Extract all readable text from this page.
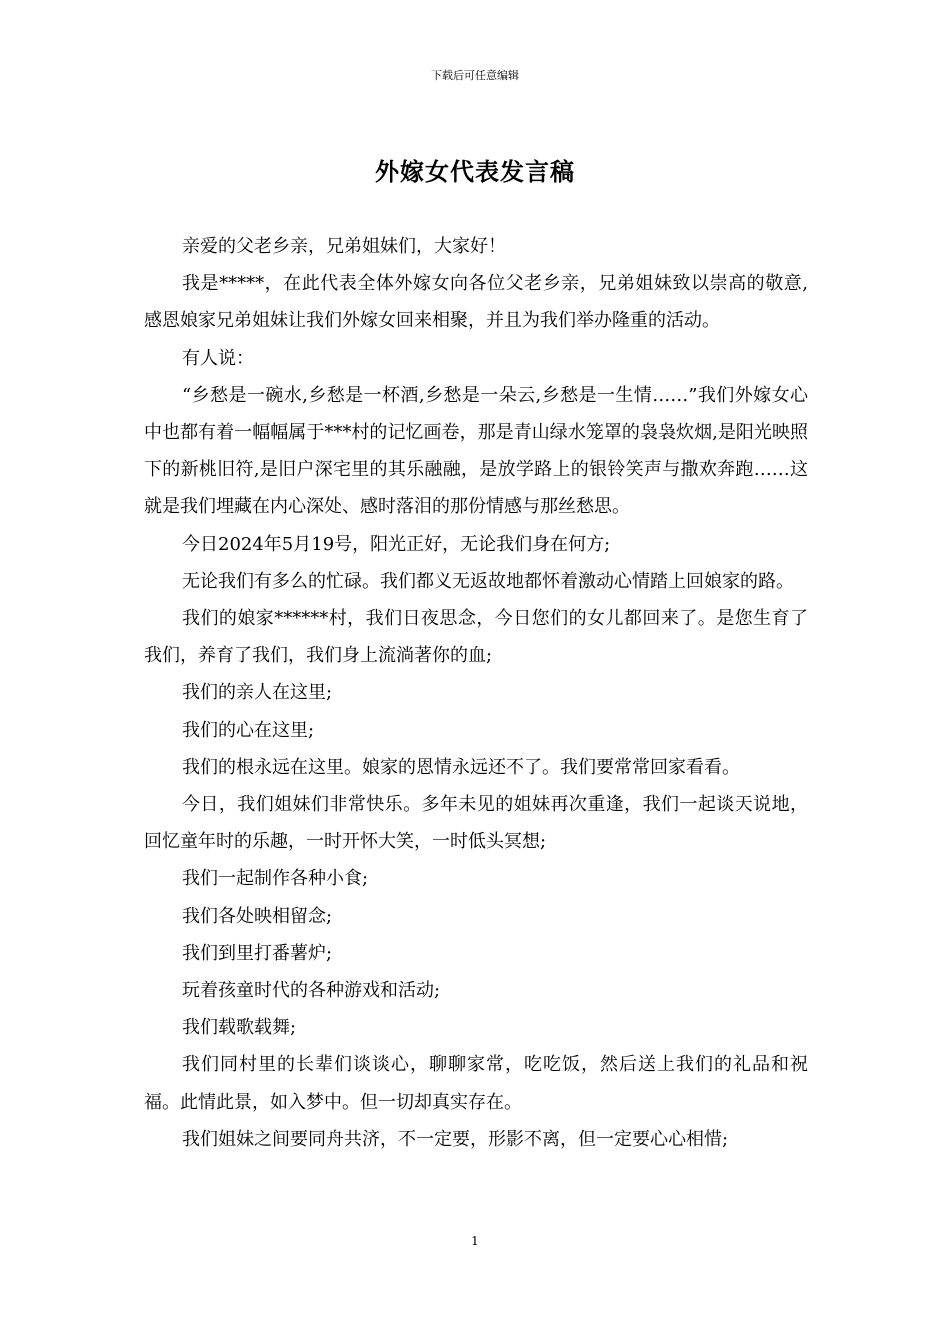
下载后可任意编辑
外嫁女代表发言稿

亲爱的父老乡亲，兄弟姐妹们，大家好！

我是*****，在此代表全体外嫁女向各位父老乡亲，兄弟姐妹致以崇高的敬意,感恩娘家兄弟姐妹让我们外嫁女回来相聚，并且为我们举办隆重的活动。

有人说：

“乡愁是一碗水,乡愁是一杯酒,乡愁是一朵云,乡愁是一生情……”我们外嫁女心中也都有着一幅幅属于***村的记忆画卷，那是青山绿水笼罩的袅袅炊烟,是阳光映照下的新桃旧符,是旧户深宅里的其乐融融，是放学路上的银铃笑声与撒欢奔跑……这就是我们埋藏在内心深处、感时落泪的那份情感与那丝愁思。

今日2024年5月19号，阳光正好，无论我们身在何方;

无论我们有多么的忙碌。我们都义无返故地都怀着激动心情踏上回娘家的路。

我们的娘家******村，我们日夜思念，今日您们的女儿都回来了。是您生育了我们，养育了我们，我们身上流淌著你的血;

我们的亲人在这里;

我们的心在这里;

我们的根永远在这里。娘家的恩情永远还不了。我们要常常回家看看。

今日，我们姐妹们非常快乐。多年未见的姐妹再次重逢，我们一起谈天说地，回忆童年时的乐趣，一时开怀大笑，一时低头冥想;

我们一起制作各种小食;

我们各处映相留念;

我们到里打番薯炉;

玩着孩童时代的各种游戏和活动;

我们载歌载舞;

我们同村里的长辈们谈谈心，聊聊家常，吃吃饭，然后送上我们的礼品和祝福。此情此景，如入梦中。但一切却真实存在。

我们姐妹之间要同舟共济，不一定要，形影不离，但一定要心心相惜;

1
